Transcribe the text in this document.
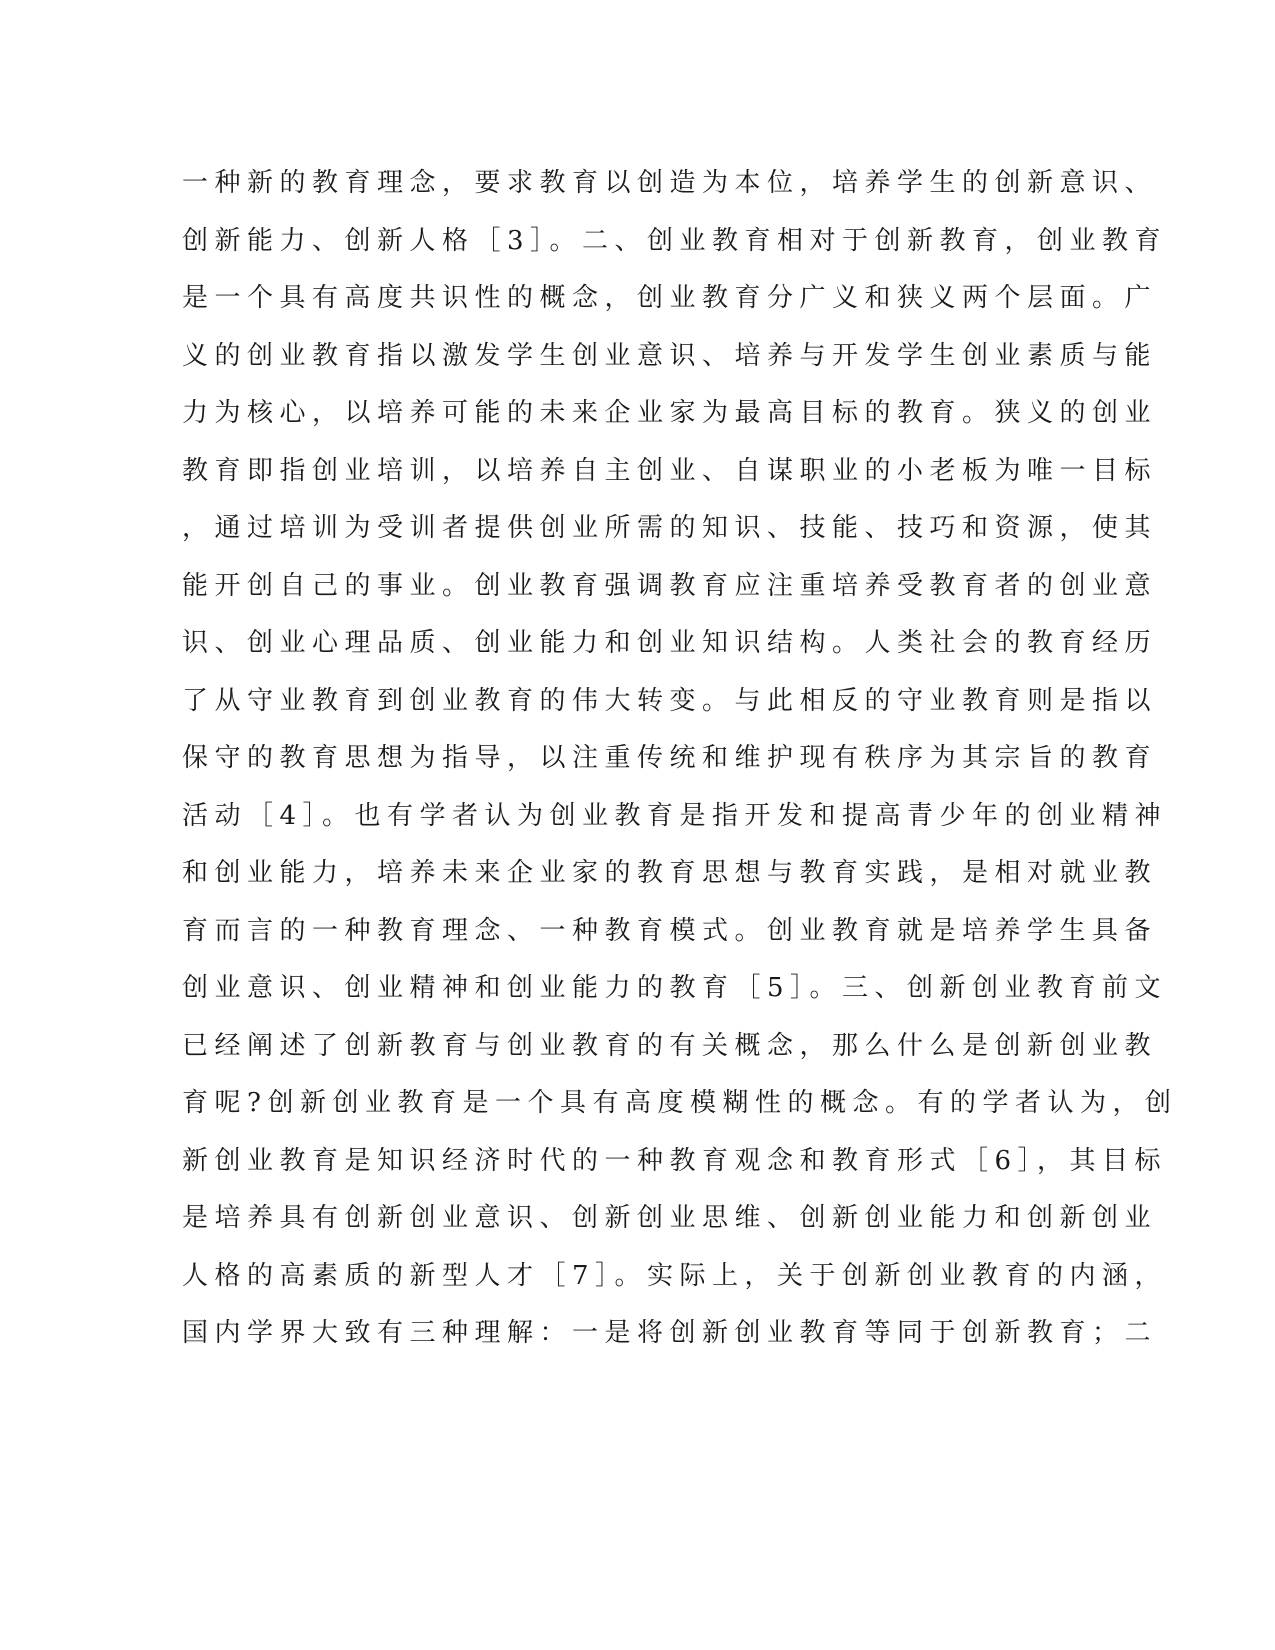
一种新的教育理念，要求教育以创造为本位，培养学生的创新意识、
创新能力、创新人格［3］。二、创业教育相对于创新教育，创业教育
是一个具有高度共识性的概念，创业教育分广义和狭义两个层面。广
义的创业教育指以激发学生创业意识、培养与开发学生创业素质与能
力为核心，以培养可能的未来企业家为最高目标的教育。狭义的创业
教育即指创业培训，以培养自主创业、自谋职业的小老板为唯一目标
，通过培训为受训者提供创业所需的知识、技能、技巧和资源，使其
能开创自己的事业。创业教育强调教育应注重培养受教育者的创业意
识、创业心理品质、创业能力和创业知识结构。人类社会的教育经历
了从守业教育到创业教育的伟大转变。与此相反的守业教育则是指以
保守的教育思想为指导，以注重传统和维护现有秩序为其宗旨的教育
活动［4］。也有学者认为创业教育是指开发和提高青少年的创业精神
和创业能力，培养未来企业家的教育思想与教育实践，是相对就业教
育而言的一种教育理念、一种教育模式。创业教育就是培养学生具备
创业意识、创业精神和创业能力的教育［5］。三、创新创业教育前文
已经阐述了创新教育与创业教育的有关概念，那么什么是创新创业教
育呢?创新创业教育是一个具有高度模糊性的概念。有的学者认为，创
新创业教育是知识经济时代的一种教育观念和教育形式［6］，其目标
是培养具有创新创业意识、创新创业思维、创新创业能力和创新创业
人格的高素质的新型人才［7］。实际上，关于创新创业教育的内涵，
国内学界大致有三种理解：一是将创新创业教育等同于创新教育；二
